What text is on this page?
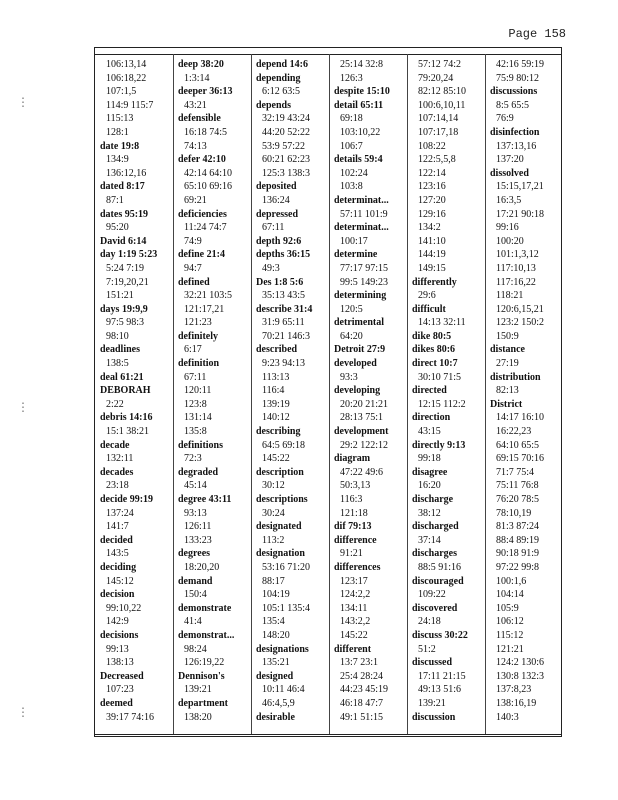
Page 158
⋮
⋮
⋮
106:13,14
106:18,22
107:1,5
114:9 115:7
115:13
128:1
date 19:8
134:9
136:12,16
dated 8:17
87:1
dates 95:19
95:20
David 6:14
day 1:19 5:23
5:24 7:19
7:19,20,21
151:21
days 19:9,9
97:5 98:3
98:10
deadlines
138:5
deal 61:21
DEBORAH
2:22
debris 14:16
15:1 38:21
decade
132:11
decades
23:18
decide 99:19
137:24
141:7
decided
143:5
deciding
145:12
decision
99:10,22
142:9
decisions
99:13
138:13
Decreased
107:23
deemed
39:17 74:16
deep 38:20
1:3:14
deeper 36:13
43:21
defensible
16:18 74:5
74:13
defer 42:10
42:14 64:10
65:10 69:16
69:21
deficiencies
11:24 74:7
74:9
define 21:4
94:7
defined
32:21 103:5
121:17,21
121:23
definitely
6:17
definition
67:11
120:11
123:8
131:14
135:8
definitions
72:3
degraded
45:14
degree 43:11
93:13
126:11
133:23
degrees
18:20,20
demand
150:4
demonstrate
41:4
demonstrat...
98:24
126:19,22
Dennison's
139:21
department
138:20
depend 14:6
depending
6:12 63:5
depends
32:19 43:24
44:20 52:22
53:9 57:22
60:21 62:23
125:3 138:3
deposited
136:24
depressed
67:11
depth 92:6
depths 36:15
49:3
Des 1:8 5:6
35:13 43:5
describe 31:4
31:9 65:11
70:21 146:3
described
9:23 94:13
113:13
116:4
139:19
140:12
describing
64:5 69:18
145:22
description
30:12
descriptions
30:24
designated
113:2
designation
53:16 71:20
88:17
104:19
105:1 135:4
135:4
148:20
designations
135:21
designed
10:11 46:4
46:4,5,9
desirable
25:14 32:8
126:3
despite 15:10
detail 65:11
69:18
103:10,22
106:7
details 59:4
102:24
103:8
determinat...
57:11 101:9
determinat...
100:17
determine
77:17 97:15
99:5 149:23
determining
120:5
detrimental
64:20
Detroit 27:9
developed
93:3
developing
20:20 21:21
28:13 75:1
development
29:2 122:12
diagram
47:22 49:6
50:3,13
116:3
121:18
dif 79:13
difference
91:21
differences
123:17
124:2,2
134:11
143:2,2
145:22
different
13:7 23:1
25:4 28:24
44:23 45:19
46:18 47:7
49:1 51:15
57:12 74:2
79:20,24
82:12 85:10
100:6,10,11
107:14,14
107:17,18
108:22
122:5,5,8
122:14
123:16
127:20
129:16
134:2
141:10
144:19
149:15
differently
29:6
difficult
14:13 32:11
dike 80:5
dikes 80:6
direct 10:7
30:10 71:5
directed
12:15 112:2
direction
43:15
directly 9:13
99:18
disagree
16:20
discharge
38:12
discharged
37:14
discharges
88:5 91:16
discouraged
109:22
discovered
24:18
discuss 30:22
51:2
discussed
17:11 21:15
49:13 51:6
139:21
discussion
42:16 59:19
75:9 80:12
discussions
8:5 65:5
76:9
disinfection
137:13,16
137:20
dissolved
15:15,17,21
16:3,5
17:21 90:18
99:16
100:20
101:1,3,12
117:10,13
117:16,22
118:21
120:6,15,21
123:2 150:2
150:9
distance
27:19
distribution
82:13
District
14:17 16:10
16:22,23
64:10 65:5
69:15 70:16
71:7 75:4
75:11 76:8
76:20 78:5
78:10,19
81:3 87:24
88:4 89:19
90:18 91:9
97:22 99:8
100:1,6
104:14
105:9
106:12
115:12
121:21
124:2 130:6
130:8 132:3
137:8,23
138:16,19
140:3
